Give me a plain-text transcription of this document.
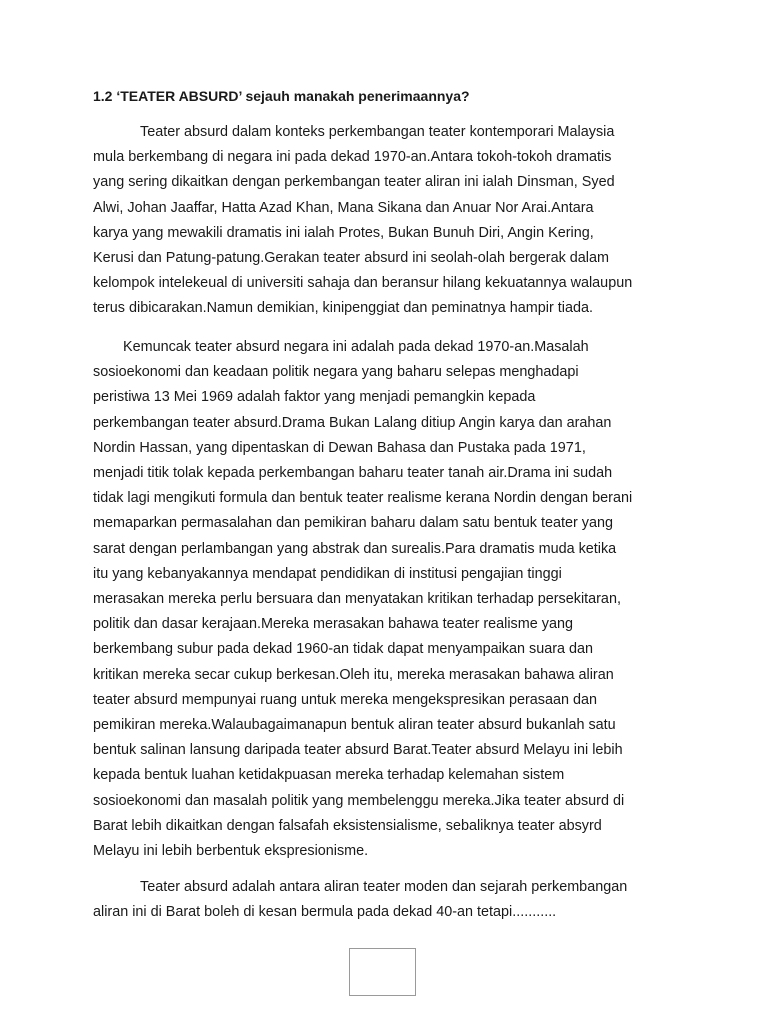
1.2 ‘TEATER ABSURD’ sejauh manakah penerimaannya?

Teater absurd dalam konteks perkembangan teater kontemporari Malaysia
mula berkembang di negara ini pada dekad 1970-an.Antara tokoh-tokoh dramatis
yang sering dikaitkan dengan perkembangan teater aliran ini ialah Dinsman, Syed
Alwi, Johan Jaaffar, Hatta Azad Khan, Mana Sikana dan Anuar Nor Arai.Antara
karya yang mewakili dramatis ini ialah Protes, Bukan Bunuh Diri, Angin Kering,
Kerusi dan Patung-patung.Gerakan teater absurd ini seolah-olah bergerak dalam
kelompok intelekeual di universiti sahaja dan beransur hilang kekuatannya walaupun
terus dibicarakan.Namun demikian, kinipenggiat dan peminatnya hampir tiada.

Kemuncak teater absurd negara ini adalah pada dekad 1970-an.Masalah
sosioekonomi dan keadaan politik negara yang baharu selepas menghadapi
peristiwa 13 Mei 1969 adalah faktor yang menjadi pemangkin kepada
perkembangan teater absurd.Drama Bukan Lalang ditiup Angin karya dan arahan
Nordin Hassan, yang dipentaskan di Dewan Bahasa dan Pustaka pada 1971,
menjadi titik tolak kepada perkembangan baharu teater tanah air.Drama ini sudah
tidak lagi mengikuti formula dan bentuk teater realisme kerana Nordin dengan berani
memaparkan permasalahan dan pemikiran baharu dalam satu bentuk teater yang
sarat dengan perlambangan yang abstrak dan surealis.Para dramatis muda ketika
itu yang kebanyakannya mendapat pendidikan di institusi pengajian tinggi
merasakan mereka perlu bersuara dan menyatakan kritikan terhadap persekitaran,
politik dan dasar kerajaan.Mereka merasakan bahawa teater realisme yang
berkembang subur pada dekad 1960-an tidak dapat menyampaikan suara dan
kritikan mereka secar cukup berkesan.Oleh itu, mereka merasakan bahawa aliran
teater absurd mempunyai ruang untuk mereka mengekspresikan perasaan dan
pemikiran mereka.Walaubagaimanapun bentuk aliran teater absurd bukanlah satu
bentuk salinan lansung daripada teater absurd Barat.Teater absurd Melayu ini lebih
kepada bentuk luahan ketidakpuasan mereka terhadap kelemahan sistem
sosioekonomi dan masalah politik yang membelenggu mereka.Jika teater absurd di
Barat lebih dikaitkan dengan falsafah eksistensialisme, sebaliknya teater absyrd
Melayu ini lebih berbentuk ekspresionisme.

Teater absurd adalah antara aliran teater moden dan sejarah perkembangan
aliran ini di Barat boleh di kesan bermula pada dekad 40-an tetapi...........
